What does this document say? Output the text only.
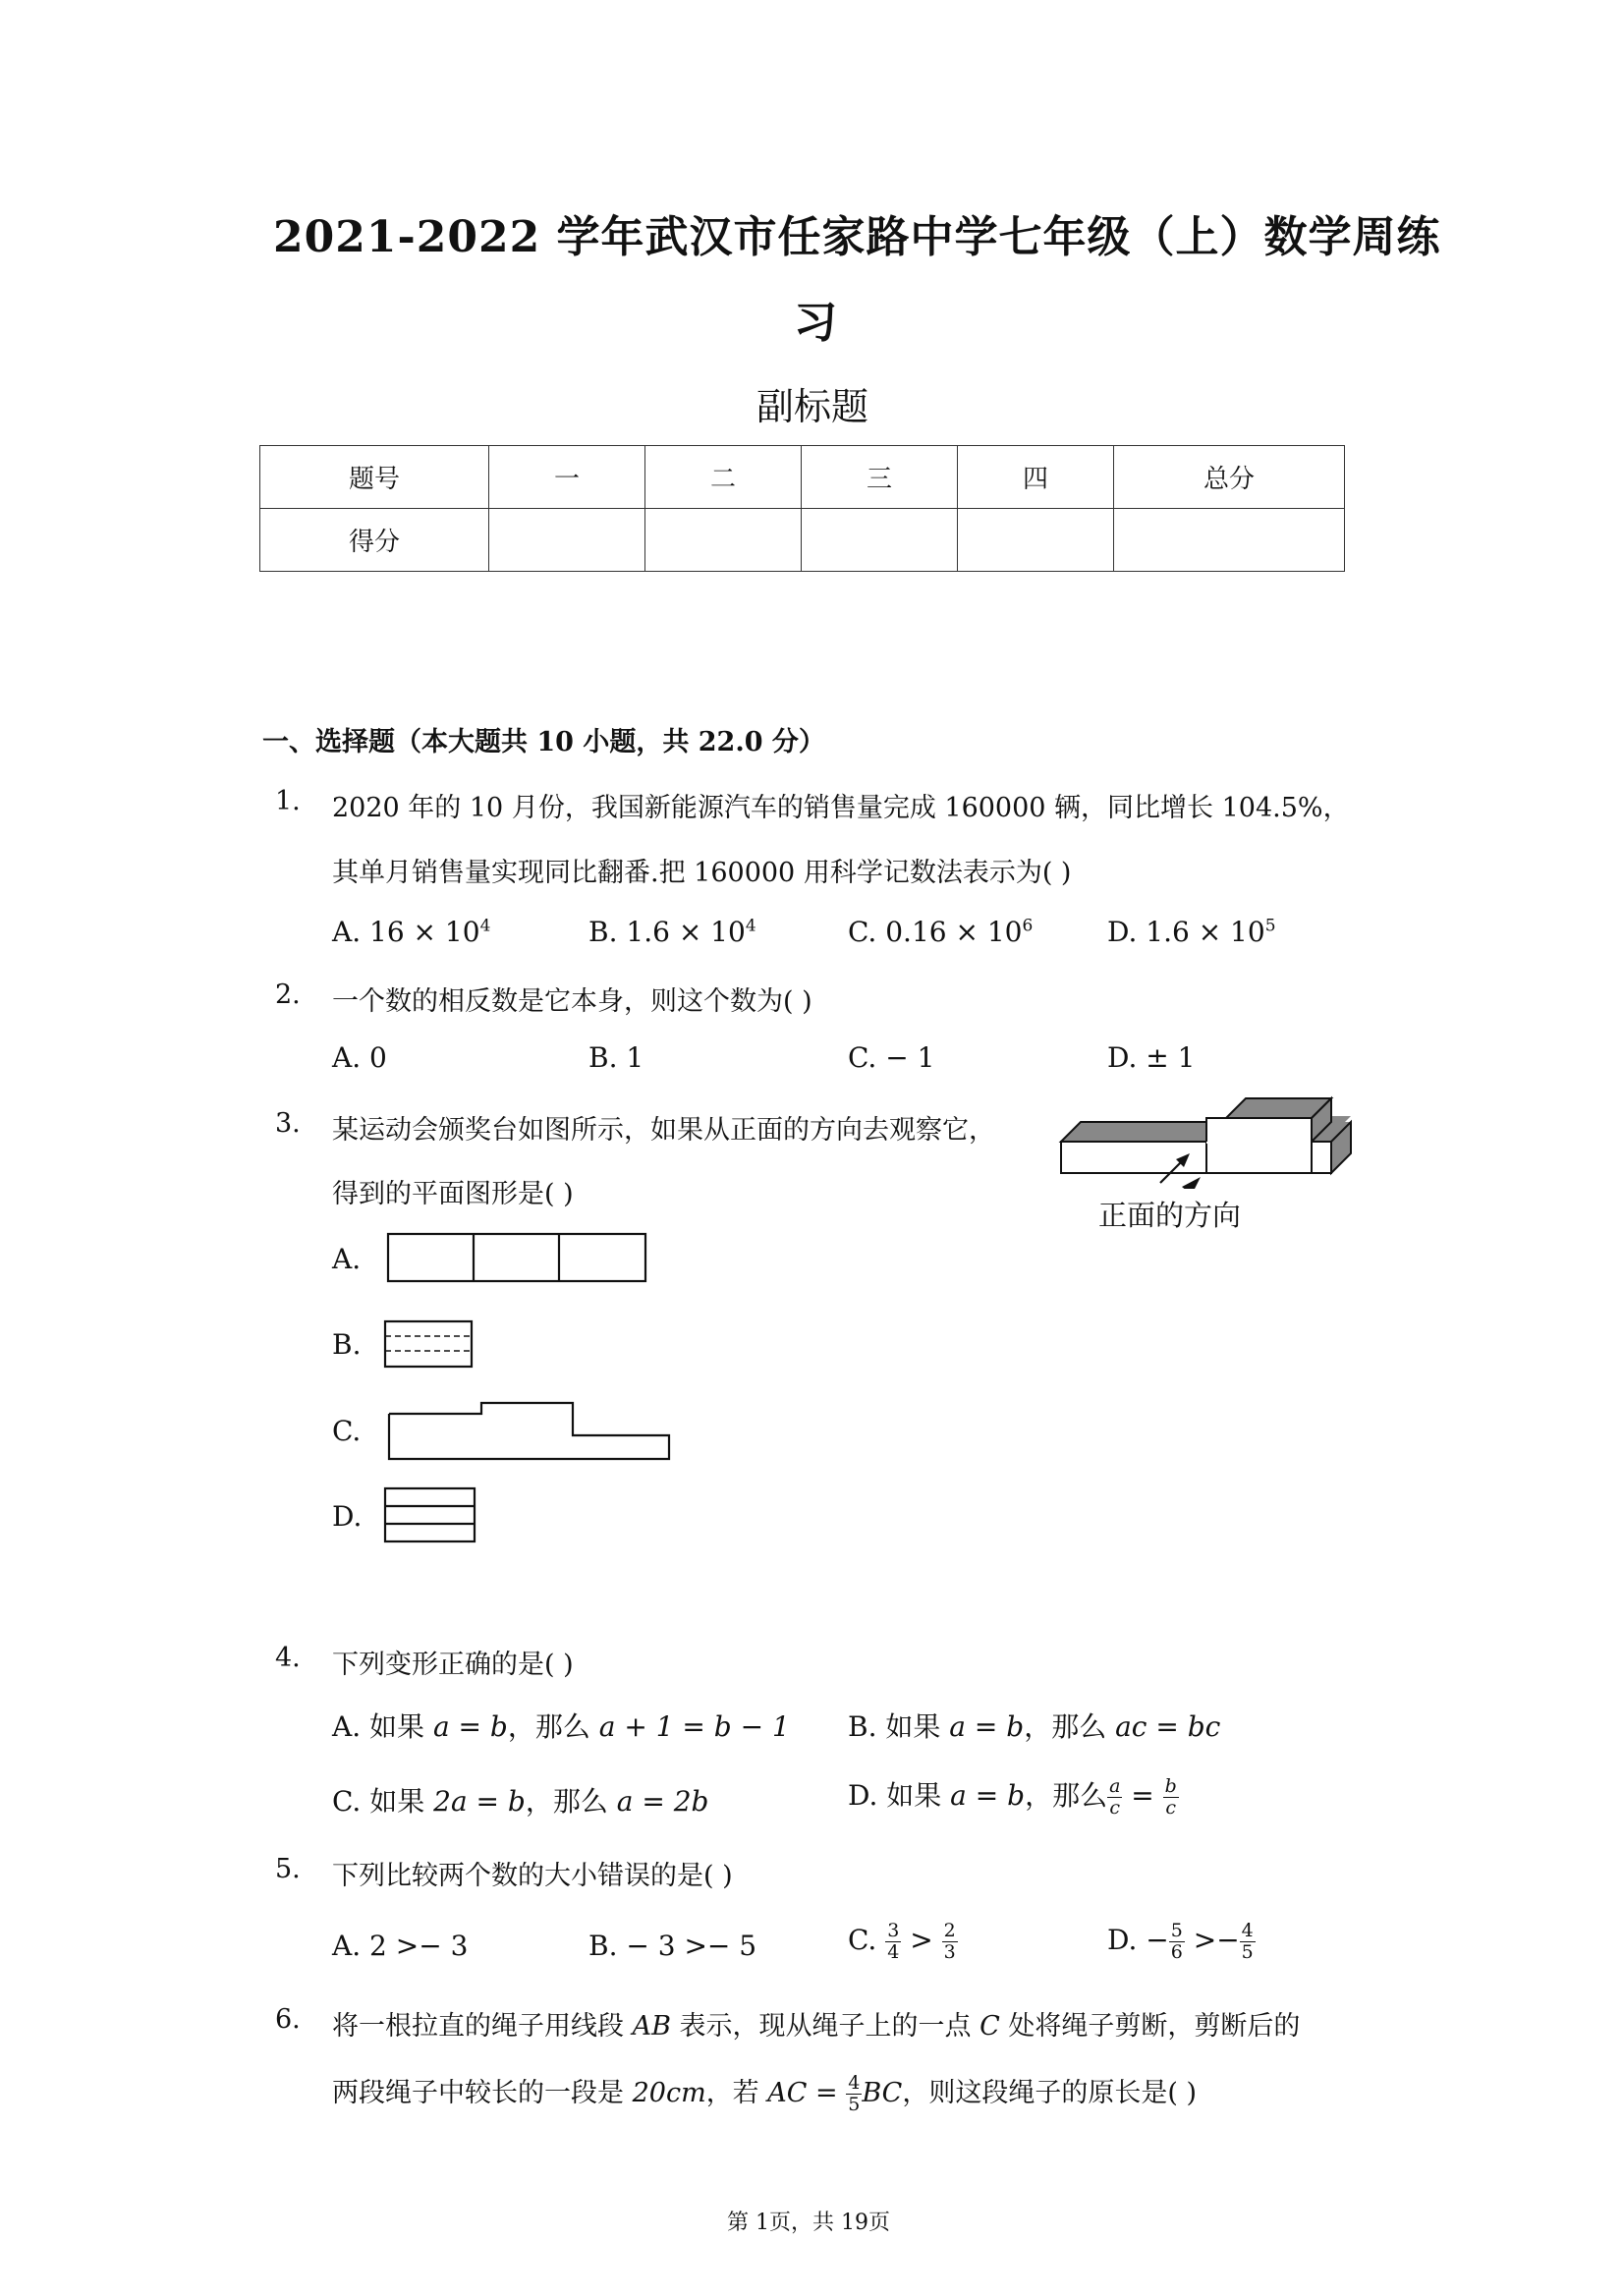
2021-2022 学年武汉市任家路中学七年级（上）数学周练
习
副标题
题号	一	二	三	四	总分
得分					
一、选择题（本大题共 10 小题，共 22.0 分）
1. 2020 年的 10 月份，我国新能源汽车的销售量完成 160000 辆，同比增长 104.5%，
其单月销售量实现同比翻番.把 160000 用科学记数法表示为( )
A. $16 \times 10^4$	B. $1.6 \times 10^4$	C. $0.16 \times 10^6$	D. $1.6 \times 10^5$
2. 一个数的相反数是它本身，则这个数为( )
A. 0	B. 1	C. − 1	D. ± 1
3. 某运动会颁奖台如图所示，如果从正面的方向去观察它，
得到的平面图形是( )
正面的方向
A.
B.
C.
D.
4. 下列变形正确的是( )
A. 如果 a = b，那么 a + 1 = b − 1 B. 如果 a = b，那么 ac = bc
C. 如果 2a = b，那么 a = 2b	D. 如果 a = b，那么 $\frac{a}{c} = \frac{b}{c}$
5. 下列比较两个数的大小错误的是( )
A. 2 >− 3	B. − 3 >− 5	C. $\frac{3}{4} > \frac{2}{3}$	D. − $\frac{5}{6} >- \frac{4}{5}$
6. 将一根拉直的绳子用线段 AB 表示，现从绳子上的一点 C 处将绳子剪断，剪断后的
两段绳子中较长的一段是 20cm，若 AC = $\frac{4}{5}$ BC，则这段绳子的原长是( )
第 1页，共 19页
